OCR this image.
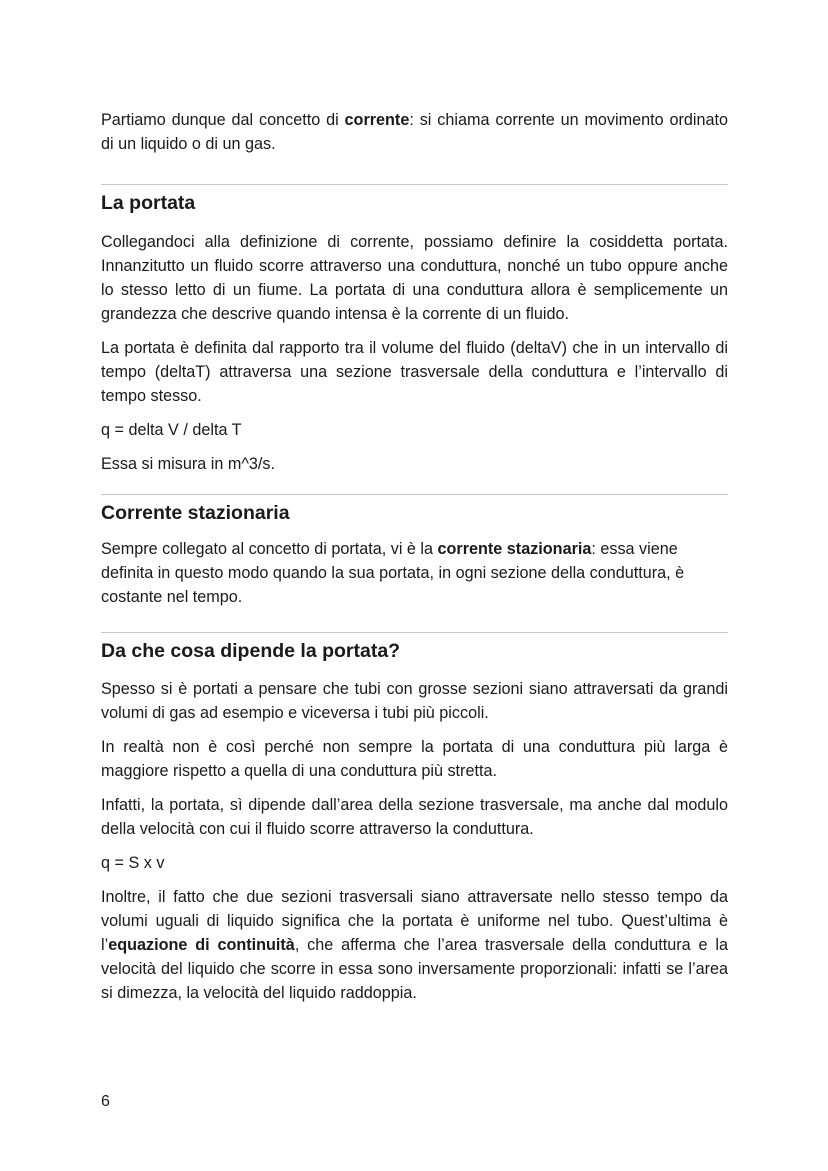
Partiamo dunque dal concetto di corrente: si chiama corrente un movimento ordinato di un liquido o di un gas.

La portata

Collegandoci alla definizione di corrente, possiamo definire la cosiddetta portata. Innanzitutto un fluido scorre attraverso una conduttura, nonché un tubo oppure anche lo stesso letto di un fiume. La portata di una conduttura allora è semplicemente un grandezza che descrive quando intensa è la corrente di un fluido.

La portata è definita dal rapporto tra il volume del fluido (deltaV) che in un intervallo di tempo (deltaT) attraversa una sezione trasversale della conduttura e l’intervallo di tempo stesso.

q = delta V / delta T

Essa si misura in m^3/s.

Corrente stazionaria

Sempre collegato al concetto di portata, vi è la corrente stazionaria: essa viene definita in questo modo quando la sua portata, in ogni sezione della conduttura, è costante nel tempo.

Da che cosa dipende la portata?

Spesso si è portati a pensare che tubi con grosse sezioni siano attraversati da grandi volumi di gas ad esempio e viceversa i tubi più piccoli.

In realtà non è così perché non sempre la portata di una conduttura più larga è maggiore rispetto a quella di una conduttura più stretta.

Infatti, la portata, sì dipende dall’area della sezione trasversale, ma anche dal modulo della velocità con cui il fluido scorre attraverso la conduttura.

q = S x v

Inoltre, il fatto che due sezioni trasversali siano attraversate nello stesso tempo da volumi uguali di liquido significa che la portata è uniforme nel tubo. Quest’ultima è l’equazione di continuità, che afferma che l’area trasversale della conduttura e la velocità del liquido che scorre in essa sono inversamente proporzionali: infatti se l’area si dimezza, la velocità del liquido raddoppia.

6
